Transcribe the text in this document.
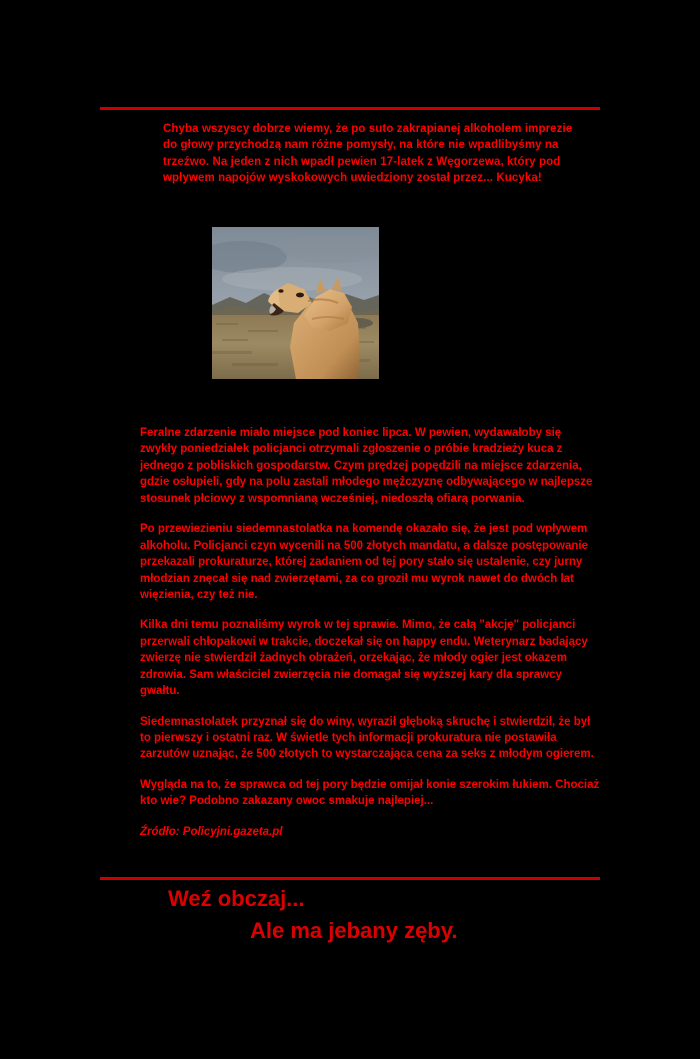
Chyba wszyscy dobrze wiemy, że po suto zakrapianej alkoholem imprezie do głowy przychodzą nam różne pomysły, na które nie wpadlibyśmy na trzeźwo. Na jeden z nich wpadł pewien 17-latek z Węgorzewa, który pod wpływem napojów wyskokowych uwiedziony został przez... Kucyka!

Feralne zdarzenie miało miejsce pod koniec lipca. W pewien, wydawałoby się zwykły poniedziałek policjanci otrzymali zgłoszenie o próbie kradzieży kuca z jednego z pobliskich gospodarstw. Czym prędzej popędzili na miejsce zdarzenia, gdzie osłupieli, gdy na polu zastali młodego mężczyznę odbywającego w najlepsze stosunek płciowy z wspomnianą wcześniej, niedoszłą ofiarą porwania.

Po przewiezieniu siedemnastolatka na komendę okazało się, że jest pod wpływem alkoholu. Policjanci czyn wycenili na 500 złotych mandatu, a dalsze postępowanie przekazali prokuraturze, której zadaniem od tej pory stało się ustalenie, czy jurny młodzian znęcał się nad zwierzętami, za co groził mu wyrok nawet do dwóch lat więzienia, czy też nie.

Kilka dni temu poznaliśmy wyrok w tej sprawie. Mimo, że całą "akcję" policjanci przerwali chłopakowi w trakcie, doczekał się on happy endu. Weterynarz badający zwierzę nie stwierdził żadnych obrażeń, orzekając, że młody ogier jest okazem zdrowia. Sam właściciel zwierzęcia nie domagał się wyższej kary dla sprawcy gwałtu.

Siedemnastolatek przyznał się do winy, wyraził głęboką skruchę i stwierdził, że był to pierwszy i ostatni raz. W świetle tych informacji prokuratura nie postawiła zarzutów uznając, że 500 złotych to wystarczająca cena za seks z młodym ogierem.

Wygląda na to, że sprawca od tej pory będzie omijał konie szerokim łukiem. Chociaż kto wie? Podobno zakazany owoc smakuje najlepiej...

Źródło: Policyjni.gazeta.pl

Weź obczaj...
Ale ma jebany zęby.
